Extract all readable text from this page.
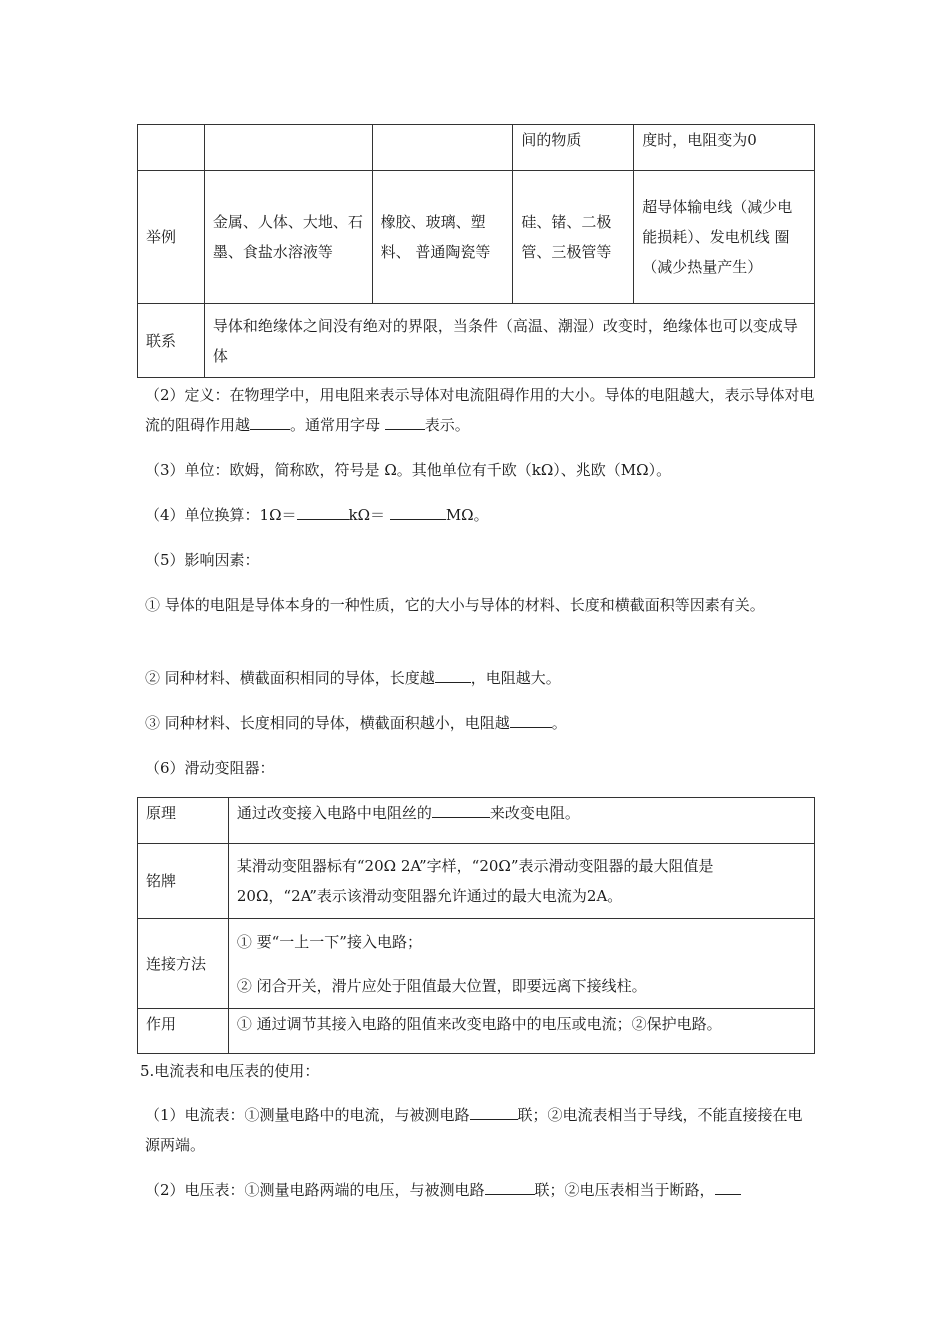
			间的物质	度时，电阻变为0
举例	金属、人体、大地、石墨、食盐水溶液等	橡胶、玻璃、塑料、 普通陶瓷等	硅、锗、二极管、三极管等	超导体输电线（减少电能损耗）、发电机线 圈（减少热量产生）
联系	导体和绝缘体之间没有绝对的界限，当条件（高温、潮湿）改变时，绝缘体也可以变成导体			

（2）定义：在物理学中，用电阻来表示导体对电流阻碍作用的大小。导体的电阻越大，表示导体对电流的阻碍作用越	。通常用字母	表示。

（3）单位：欧姆，简称欧，符号是 Ω。其他单位有千欧（kΩ）、兆欧（MΩ）。

（4）单位换算：1Ω＝	kΩ＝	MΩ。

（5）影响因素：

① 导体的电阻是导体本身的一种性质，它的大小与导体的材料、长度和横截面积等因素有关。

② 同种材料、横截面积相同的导体，长度越 ，电阻越大。

③ 同种材料、长度相同的导体，横截面积越小，电阻越	。

（6）滑动变阻器：

原理	通过改变接入电路中电阻丝的 来改变电阻。
铭牌	某滑动变阻器标有“20Ω 2A”字样，“20Ω”表示滑动变阻器的最大阻值是20Ω，“2A”表示该滑动变阻器允许通过的最大电流为2A。
连接方法	① 要“一上一下”接入电路；
② 闭合开关，滑片应处于阻值最大位置，即要远离下接线柱。

作用	① 通过调节其接入电路的阻值来改变电路中的电压或电流；②保护电路。

5.电流表和电压表的使用：

（1）电流表：①测量电路中的电流，与被测电路	联；②电流表相当于导线，不能直接接在电源两端。

（2）电压表：①测量电路两端的电压，与被测电路	联；②电压表相当于断路，
